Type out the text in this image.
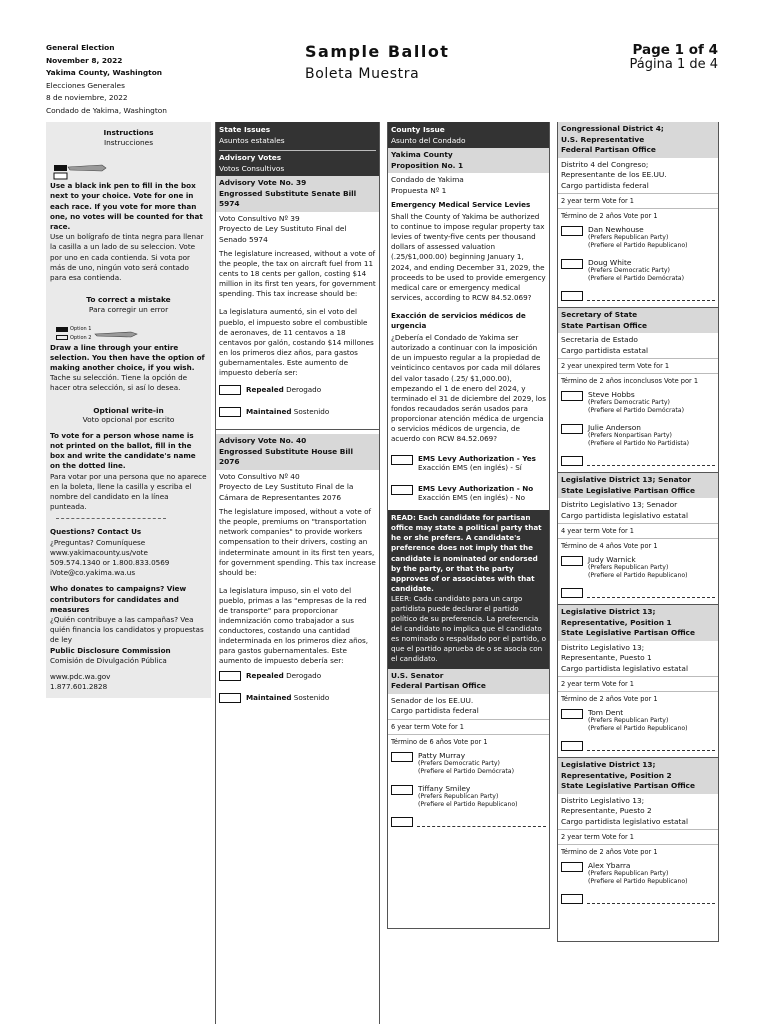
General Election
November 8, 2022
Yakima County, Washington
Elecciones Generales
8 de noviembre, 2022
Condado de Yakima, Washington
Sample Ballot
Boleta Muestra
Page 1 of 4
Página 1 de 4
Instructions
Instrucciones
Use a black ink pen to fill in the box next to your choice. Vote for one in each race. If you vote for more than one, no votes will be counted for that race.
Use un bolígrafo de tinta negra para llenar la casilla a un lado de su seleccion. Vote por uno en cada contienda. Si vota por más de uno, ningún voto será contado para esa contienda.
To correct a mistake
Para corregir un error
Option 1
Option 2
Draw a line through your entire selection. You then have the option of making another choice, if you wish.
Tache su selección. Tiene la opción de hacer otra selección, si así lo desea.
Optional write-in
Voto opcional por escrito
To vote for a person whose name is not printed on the ballot, fill in the box and write the candidate's name on the dotted line.
Para votar por una persona que no aparece en la boleta, llene la casilla y escriba el nombre del candidato en la línea punteada.
Questions? Contact Us
¿Preguntas? Comuníquese
www.yakimacounty.us/vote
509.574.1340 or 1.800.833.0569
iVote@co.yakima.wa.us
Who donates to campaigns? View contributors for candidates and measures
¿Quién contribuye a las campañas? Vea quién financia los candidatos y propuestas de ley
Public Disclosure Commission
Comisión de Divulgación Pública
www.pdc.wa.gov
1.877.601.2828
State Issues
Asuntos estatales
Advisory Votes
Votos Consultivos
Advisory Vote No. 39
Engrossed Substitute Senate Bill 5974
Voto Consultivo Nº 39
Proyecto de Ley Sustituto Final del Senado 5974
The legislature increased, without a vote of the people, the tax on aircraft fuel from 11 cents to 18 cents per gallon, costing $14 million in its first ten years, for government spending. This tax increase should be:
La legislatura aumentó, sin el voto del pueblo, el impuesto sobre el combustible de aeronaves, de 11 centavos a 18 centavos por galón, costando $14 millones en los primeros diez años, para gastos gubernamentales. Este aumento de impuesto debería ser:
Repealed
Derogado
Maintained
Sostenido
Advisory Vote No. 40
Engrossed Substitute House Bill 2076
Voto Consultivo Nº 40
Proyecto de Ley Sustituto Final de la Cámara de Representantes 2076
The legislature imposed, without a vote of the people, premiums on "transportation network companies" to provide workers compensation to their drivers, costing an indeterminate amount in its first ten years, for government spending. This tax increase should be:
La legislatura impuso, sin el voto del pueblo, primas a las "empresas de la red de transporte" para proporcionar indemnización como trabajador a sus conductores, costando una cantidad indeterminada en los primeros diez años, para gastos gubernamentales. Este aumento de impuesto debería ser:
Repealed
Derogado
Maintained
Sostenido
County Issue
Asunto del Condado
Yakima County
Proposition No. 1
Condado de Yakima
Propuesta Nº 1
Emergency Medical Service Levies
Shall the County of Yakima be authorized to continue to impose regular property tax levies of twenty-five cents per thousand dollars of assessed valuation (.25/$1,000.00) beginning January 1, 2024, and ending December 31, 2029, the proceeds to be used to provide emergency medical care or emergency medical services, according to RCW 84.52.069?
Exacción de servicios médicos de urgencia
¿Debería el Condado de Yakima ser autorizado a continuar con la imposición de un impuesto regular a la propiedad de veinticinco centavos por cada mil dólares del valor tasado (.25/ $1,000.00), empezando el 1 de enero del 2024, y terminado el 31 de diciembre del 2029, los fondos recaudados serán usados para proporcionar atención médica de urgencia o servicios médicos de urgencia, de acuerdo con RCW 84.52.069?
EMS Levy Authorization - Yes
Exacción EMS (en inglés) - Sí
EMS Levy Authorization - No
Exacción EMS (en inglés) - No
READ: Each candidate for partisan office may state a political party that he or she prefers. A candidate's preference does not imply that the candidate is nominated or endorsed by the party, or that the party approves of or associates with that candidate.
LEER: Cada candidato para un cargo partidista puede declarar el partido político de su preferencia. La preferencia del candidato no implica que el candidato es nominado o respaldado por el partido, o que el partido aprueba de o se asocia con el candidato.
U.S. Senator
Federal Partisan Office
Senador de los EE.UU.
Cargo partidista federal
6 year term Vote for 1
Término de 6 años Vote por 1
Patty Murray
(Prefers Democratic Party)
(Prefiere el Partido Demócrata)
Tiffany Smiley
(Prefers Republican Party)
(Prefiere el Partido Republicano)
Congressional District 4;
U.S. Representative
Federal Partisan Office
Distrito 4 del Congreso;
Representante de los EE.UU.
Cargo partidista federal
2 year term Vote for 1
Término de 2 años Vote por 1
Dan Newhouse
(Prefers Republican Party)
(Prefiere el Partido Republicano)
Doug White
(Prefers Democratic Party)
(Prefiere el Partido Demócrata)
Secretary of State
State Partisan Office
Secretaria de Estado
Cargo partidista estatal
2 year unexpired term Vote for 1
Término de 2 años inconclusos Vote por 1
Steve Hobbs
(Prefers Democratic Party)
(Prefiere el Partido Demócrata)
Julie Anderson
(Prefers Nonpartisan Party)
(Prefiere el Partido No Partidista)
Legislative District 13; Senator
State Legislative Partisan Office
Distrito Legislativo 13; Senador
Cargo partidista legislativo estatal
4 year term Vote for 1
Término de 4 años Vote por 1
Judy Warnick
(Prefers Republican Party)
(Prefiere el Partido Republicano)
Legislative District 13;
Representative, Position 1
State Legislative Partisan Office
Distrito Legislativo 13;
Representante, Puesto 1
Cargo partidista legislativo estatal
2 year term Vote for 1
Término de 2 años Vote por 1
Tom Dent
(Prefers Republican Party)
(Prefiere el Partido Republicano)
Legislative District 13;
Representative, Position 2
State Legislative Partisan Office
Distrito Legislativo 13;
Representante, Puesto 2
Cargo partidista legislativo estatal
2 year term Vote for 1
Término de 2 años Vote por 1
Alex Ybarra
(Prefers Republican Party)
(Prefiere el Partido Republicano)
